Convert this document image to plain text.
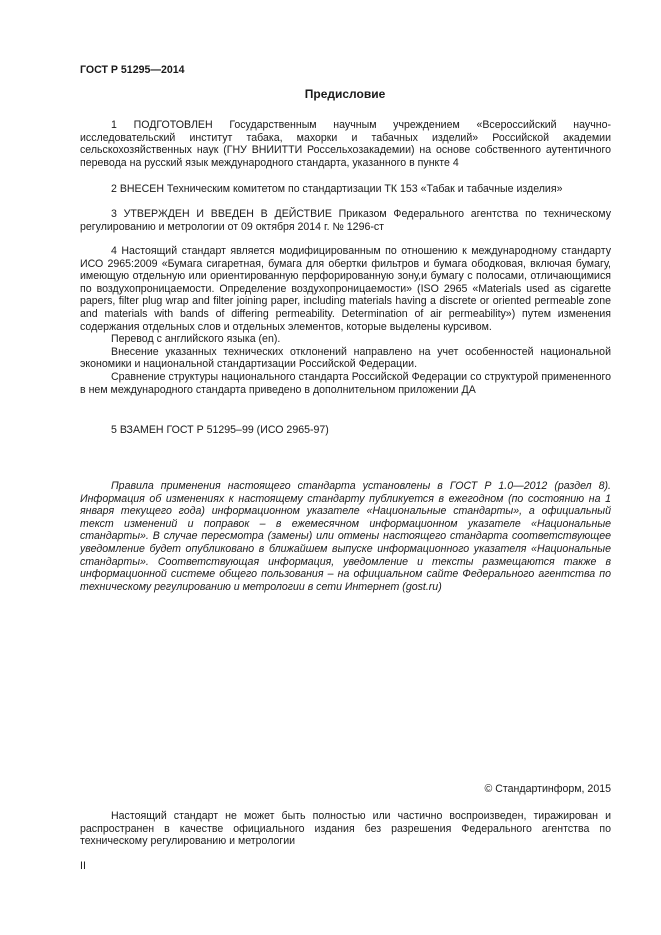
ГОСТ Р 51295—2014
Предисловие

1 ПОДГОТОВЛЕН Государственным научным учреждением «Всероссийский научно-исследовательский институт табака, махорки и табачных изделий» Российской академии сельскохозяйственных наук (ГНУ ВНИИТТИ Россельхозакадемии) на основе собственного аутентичного перевода на русский язык международного стандарта, указанного в пункте 4

2 ВНЕСЕН Техническим комитетом по стандартизации ТК 153 «Табак и табачные изделия»

3 УТВЕРЖДЕН И ВВЕДЕН В ДЕЙСТВИЕ Приказом Федерального агентства по техническому регулированию и метрологии от 09 октября 2014 г. № 1296-ст

4 Настоящий стандарт является модифицированным по отношению к международному стандарту ИСО 2965:2009 «Бумага сигаретная, бумага для обертки фильтров и бумага ободковая, включая бумагу, имеющую отдельную или ориентированную перфорированную зону,и бумагу с полосами, отличающимися по воздухопроницаемости. Определение воздухопроницаемости» (ISO 2965 «Materials used as cigarette papers, filter plug wrap and filter joining paper, including materials having a discrete or oriented permeable zone and materials with bands of differing permeability. Determination of air permeability») путем изменения содержания отдельных слов и отдельных элементов, которые выделены курсивом.

Перевод с английского языка (en).

Внесение указанных технических отклонений направлено на учет особенностей национальной экономики и национальной стандартизации Российской Федерации.

Сравнение структуры национального стандарта Российской Федерации со структурой примененного в нем международного стандарта приведено в дополнительном приложении ДА

5 ВЗАМЕН ГОСТ Р 51295–99 (ИСО 2965-97)

Правила применения настоящего стандарта установлены в ГОСТ Р 1.0—2012 (раздел 8). Информация об изменениях к настоящему стандарту публикуется в ежегодном (по состоянию на 1 января текущего года) информационном указателе «Национальные стандарты», а официальный текст изменений и поправок – в ежемесячном информационном указателе «Национальные стандарты». В случае пересмотра (замены) или отмены настоящего стандарта соответствующее уведомление будет опубликовано в ближайшем выпуске информационного указателя «Национальные стандарты». Соответствующая информация, уведомление и тексты размещаются также в информационной системе общего пользования – на официальном сайте Федерального агентства по техническому регулированию и метрологии в сети Интернет (gost.ru)

© Стандартинформ, 2015

Настоящий стандарт не может быть полностью или частично воспроизведен, тиражирован и распространен в качестве официального издания без разрешения Федерального агентства по техническому регулированию и метрологии

II
